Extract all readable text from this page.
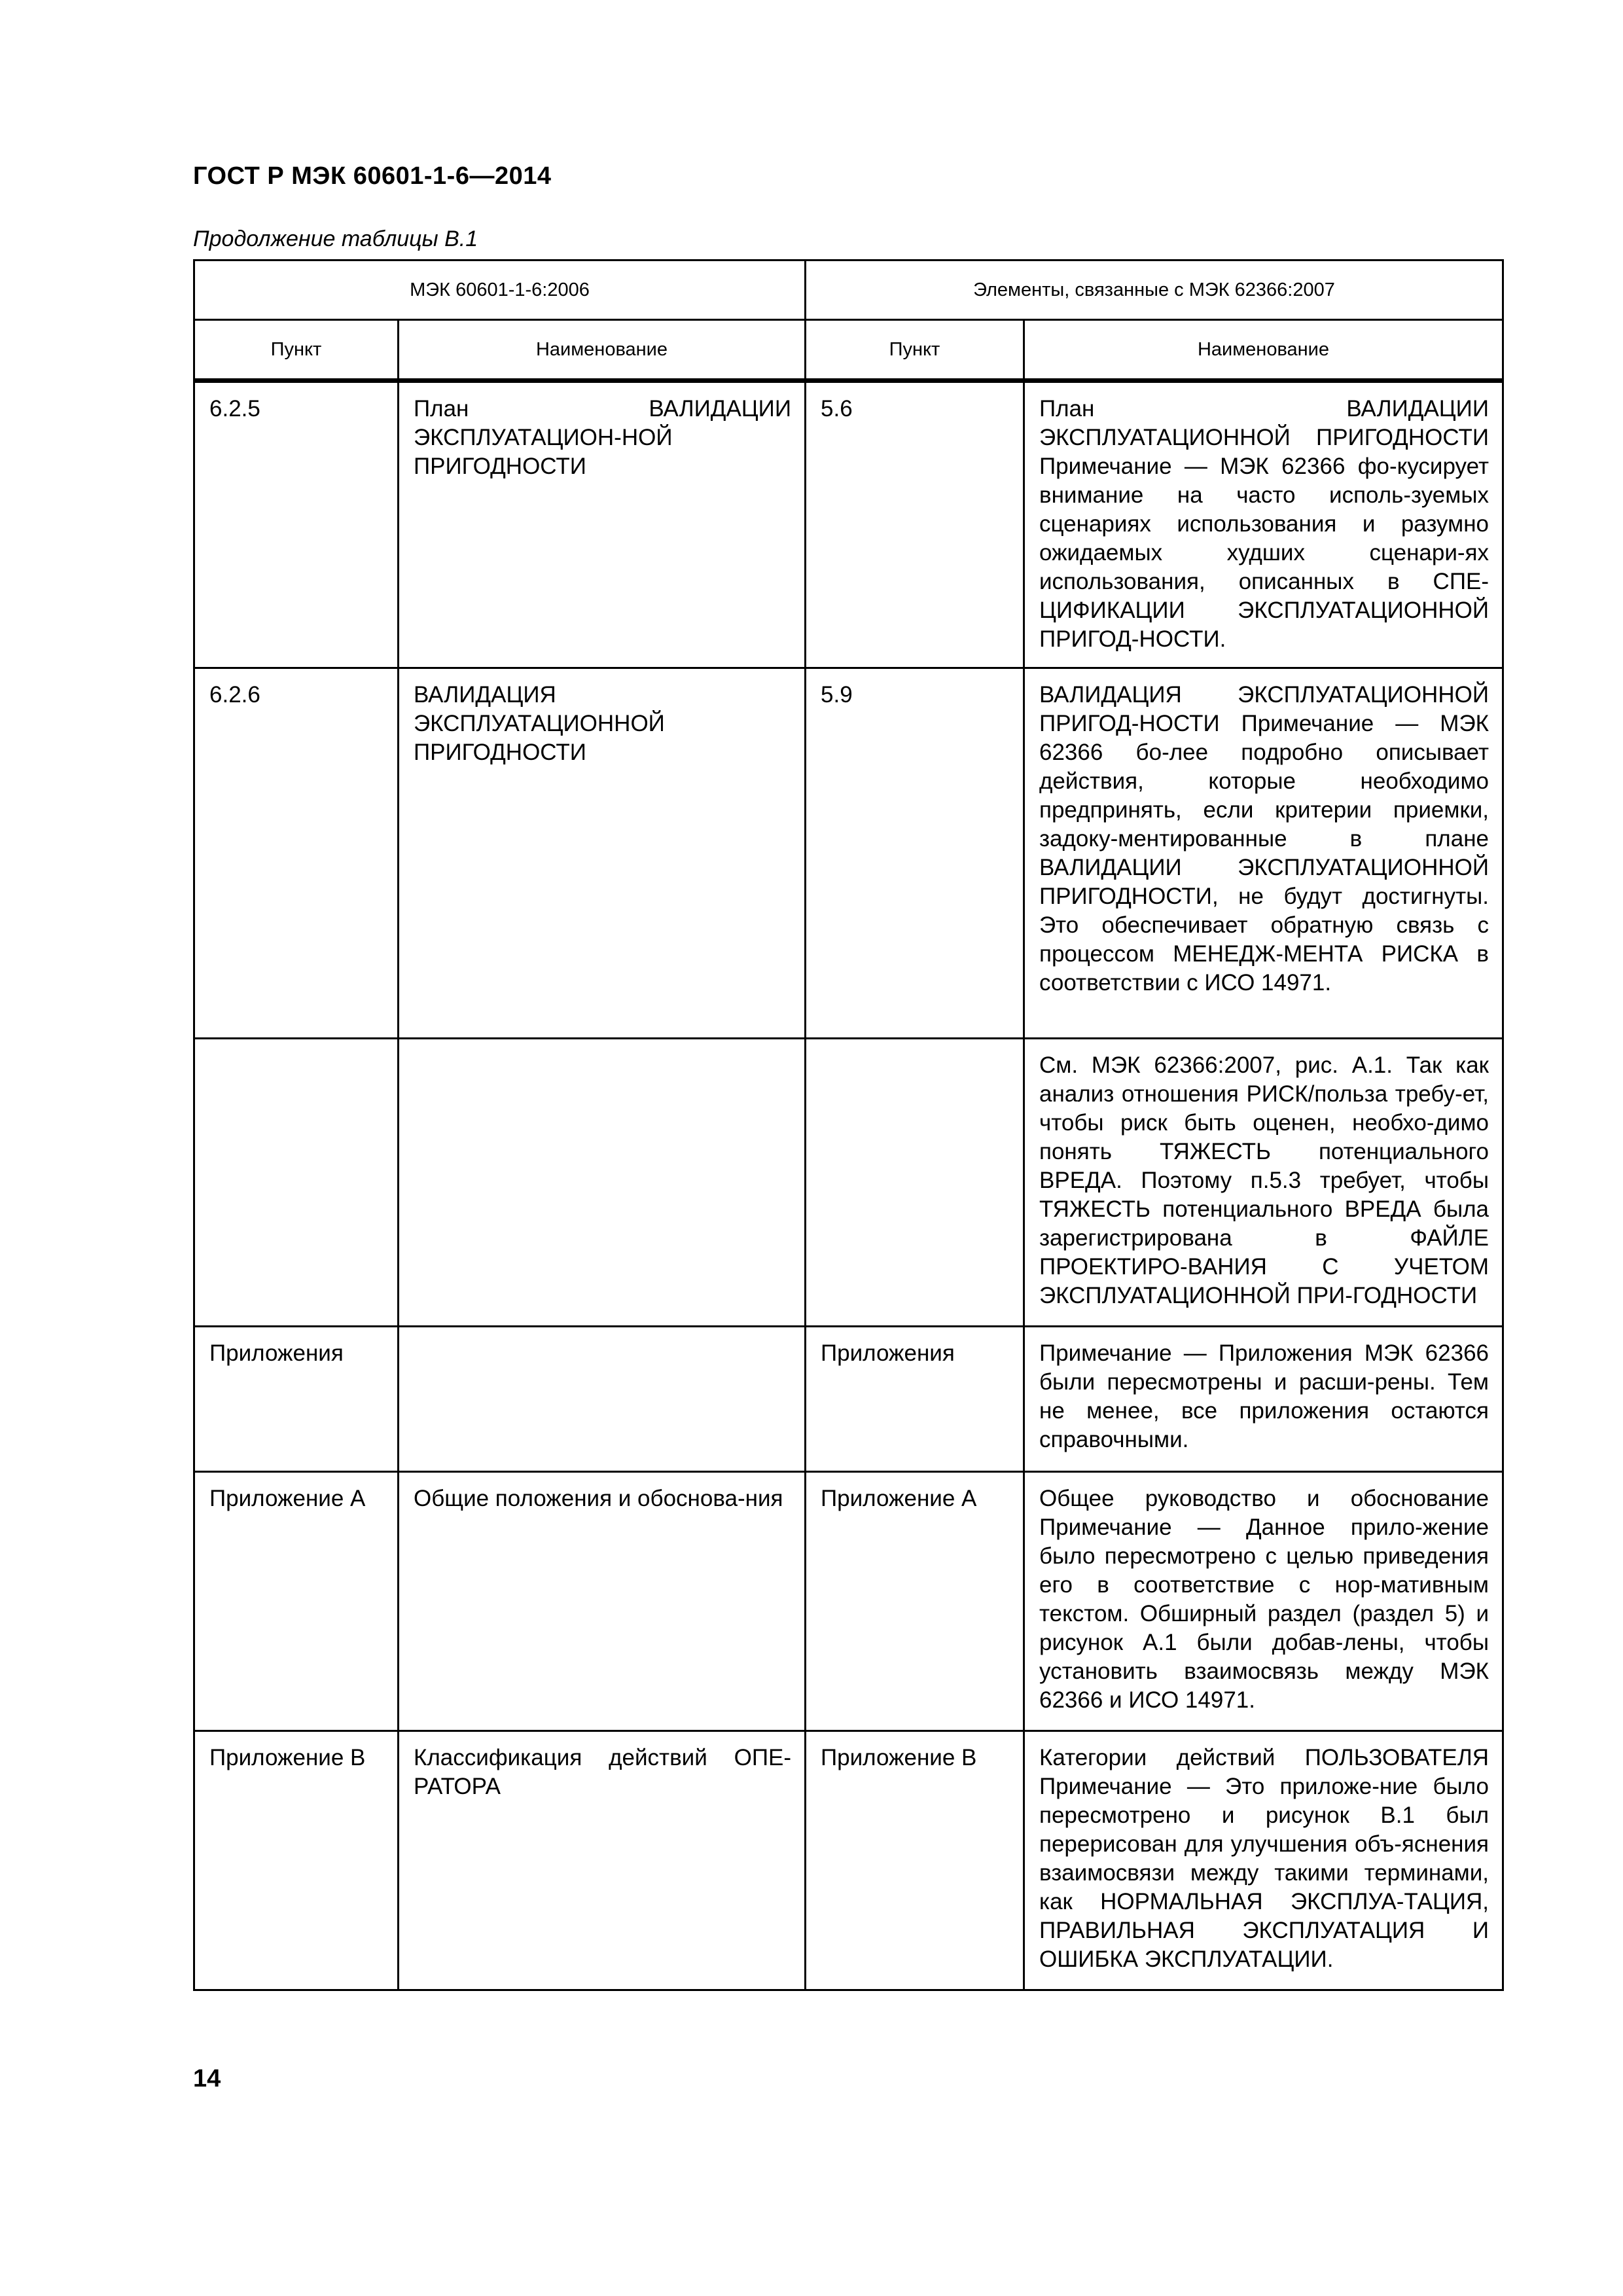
ГОСТ Р МЭК 60601-1-6—2014
Продолжение таблицы B.1
МЭК 60601-1-6:2006		Элементы, связанные с МЭК 62366:2007	
Пункт	Наименование	Пункт	Наименование
6.2.5	План ВАЛИДАЦИИ ЭКСПЛУАТАЦИОН-НОЙ ПРИГОДНОСТИ	5.6	План ВАЛИДАЦИИ ЭКСПЛУАТАЦИОННОЙ ПРИГОДНОСТИ Примечание — МЭК 62366 фо-кусирует внимание на часто исполь-зуемых сценариях использования и разумно ожидаемых худших сценари-ях использования, описанных в СПЕ-ЦИФИКАЦИИ ЭКСПЛУАТАЦИОННОЙ ПРИГОД-НОСТИ.
6.2.6	ВАЛИДАЦИЯ ЭКСПЛУАТАЦИОННОЙ ПРИГОДНОСТИ	5.9	ВАЛИДАЦИЯ ЭКСПЛУАТАЦИОННОЙ ПРИГОД-НОСТИ Примечание — МЭК 62366 бо-лее подробно описывает действия, которые необходимо предпринять, если критерии приемки, задоку-ментированные в плане ВАЛИДАЦИИ ЭКСПЛУАТАЦИОННОЙ ПРИГОДНОСТИ, не будут достигнуты. Это обеспечивает обратную связь с процессом МЕНЕДЖ-МЕНТА РИСКА в соответствии с ИСО 14971.
			См. МЭК 62366:2007, рис. А.1. Так как анализ отношения РИСК/польза требу-ет, чтобы риск быть оценен, необхо-димо понять ТЯЖЕСТЬ потенциального ВРЕДА. Поэтому п.5.3 требует, чтобы ТЯЖЕСТЬ потенциального ВРЕДА была зарегистрирована в ФАЙЛЕ ПРОЕКТИРО-ВАНИЯ С УЧЕТОМ ЭКСПЛУАТАЦИОННОЙ ПРИ-ГОДНОСТИ
Приложения		Приложения	Примечание — Приложения МЭК 62366 были пересмотрены и расши-рены. Тем не менее, все приложения остаются справочными.
Приложение А	Общие положения и обоснова-ния	Приложение А	Общее руководство и обоснование Примечание — Данное прило-жение было пересмотрено с целью приведения его в соответствие с нор-мативным текстом. Обширный раздел (раздел 5) и рисунок А.1 были добав-лены, чтобы установить взаимосвязь между МЭК 62366 и ИСО 14971.
Приложение В	Классификация действий ОПЕ-РАТОРА	Приложение В	Категории действий ПОЛЬЗОВАТЕЛЯ Примечание — Это приложе-ние было пересмотрено и рисунок B.1 был перерисован для улучшения объ-яснения взаимосвязи между такими терминами, как НОРМАЛЬНАЯ ЭКСПЛУА-ТАЦИЯ, ПРАВИЛЬНАЯ ЭКСПЛУАТАЦИЯ И ОШИБКА ЭКСПЛУАТАЦИИ.
14
